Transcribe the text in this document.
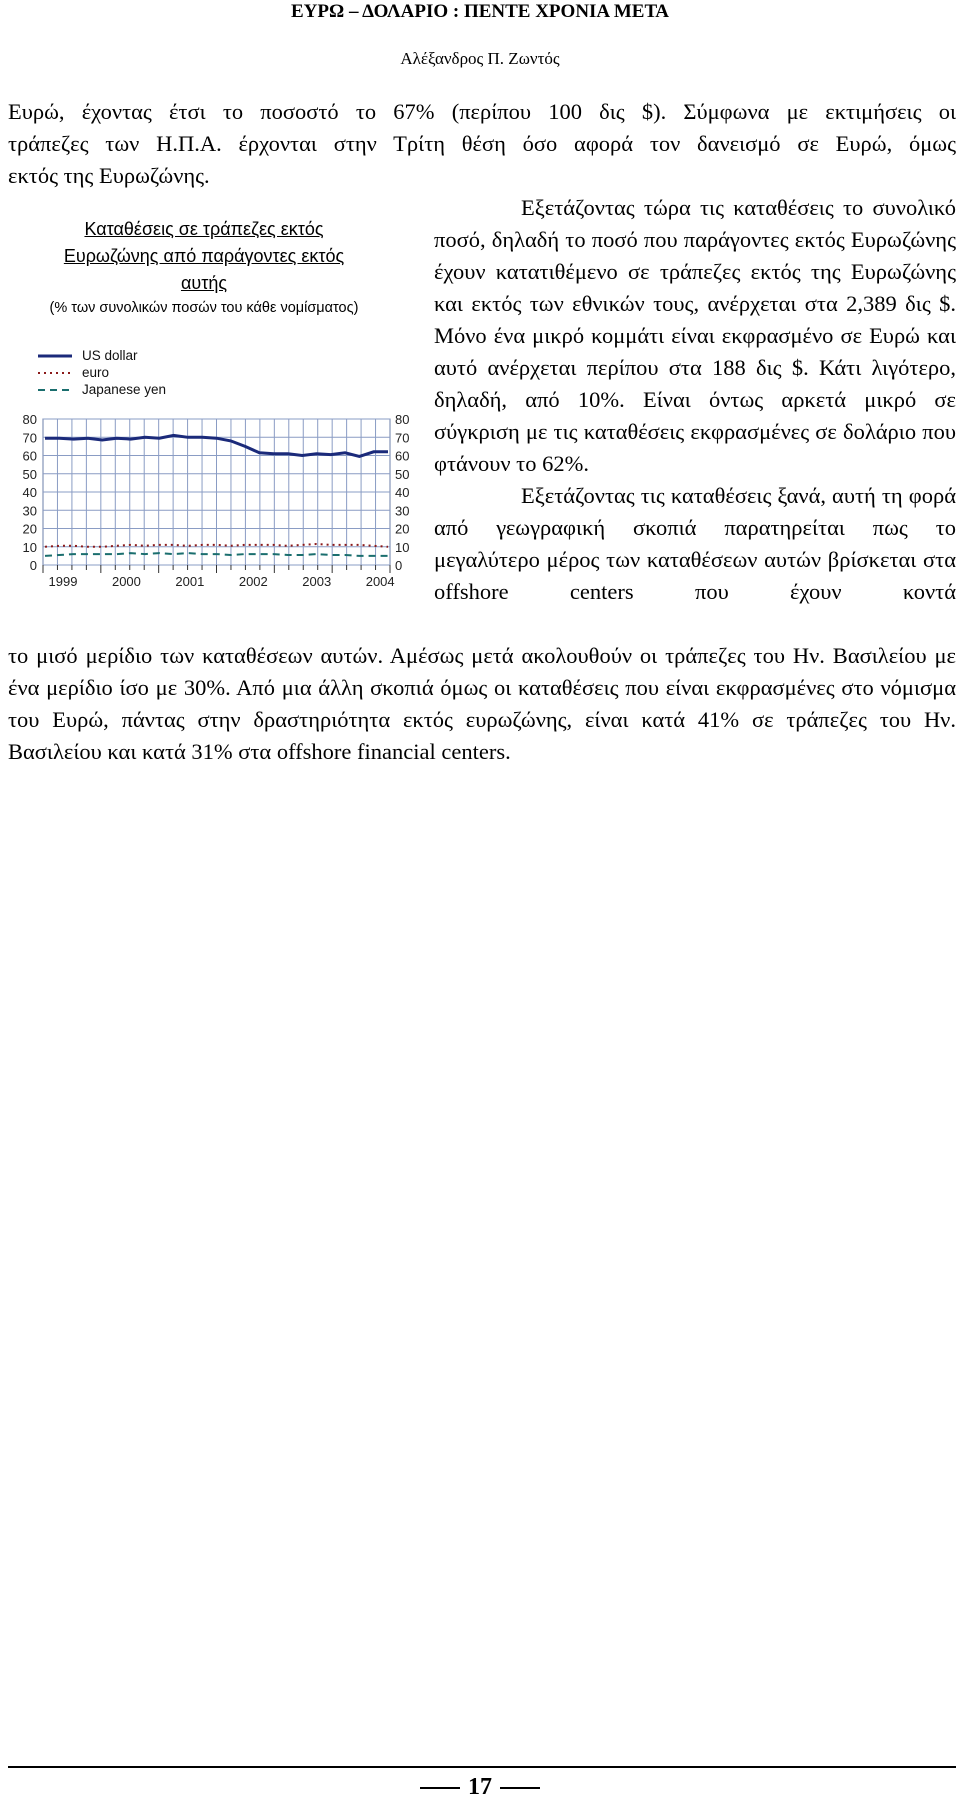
ΕΥΡΩ – ΔΟΛΑΡΙΟ : ΠΕΝΤΕ ΧΡΟΝΙΑ ΜΕΤΑ
Αλέξανδρος Π. Ζωντός
Ευρώ, έχοντας έτσι το ποσοστό το 67% (περίπου 100 δις $). Σύμφωνα με εκτιμήσεις οι
τράπεζες των Η.Π.Α. έρχονται στην Τρίτη θέση όσο αφορά τον δανεισμό σε Ευρώ, όμως
εκτός της Ευρωζώνης.
Καταθέσεις σε τράπεζες εκτός
Ευρωζώνης από παράγοντες εκτός
αυτής
(% των συνολικών ποσών του κάθε νομίσματος)
80	80
70	70
60	60
50	50
40	40
30	30
20	20
10	10
0	0
1999	2000	2001	2002	2003	2004
US dollar
euro
Japanese yen
Εξετάζοντας τώρα τις καταθέσεις το συνολικό ποσό, δηλαδή το ποσό που παράγοντες εκτός Ευρωζώνης έχουν κατατιθέμενο σε τράπεζες εκτός της Ευρωζώνης και εκτός των εθνικών τους, ανέρχεται στα 2,389 δις $. Μόνο ένα μικρό κομμάτι είναι εκφρασμένο σε Ευρώ και αυτό ανέρχεται περίπου στα 188 δις $. Κάτι λιγότερο, δηλαδή, από 10%. Είναι όντως αρκετά μικρό σε σύγκριση με τις καταθέσεις εκφρασμένες σε δολάριο που φτάνουν το 62%.
Εξετάζοντας τις καταθέσεις ξανά, αυτή τη φορά από γεωγραφική σκοπιά παρατηρείται πως το μεγαλύτερο μέρος των καταθέσεων αυτών βρίσκεται στα offshore centers που έχουν κοντά
το μισό μερίδιο των καταθέσεων αυτών. Αμέσως μετά ακολουθούν οι τράπεζες του Ην. Βασιλείου με ένα μερίδιο ίσο με 30%. Από μια άλλη σκοπιά όμως οι καταθέσεις που είναι εκφρασμένες στο νόμισμα του Ευρώ, πάντας στην δραστηριότητα εκτός ευρωζώνης, είναι κατά 41% σε τράπεζες του Ην. Βασιλείου και κατά 31% στα offshore financial centers.
17
